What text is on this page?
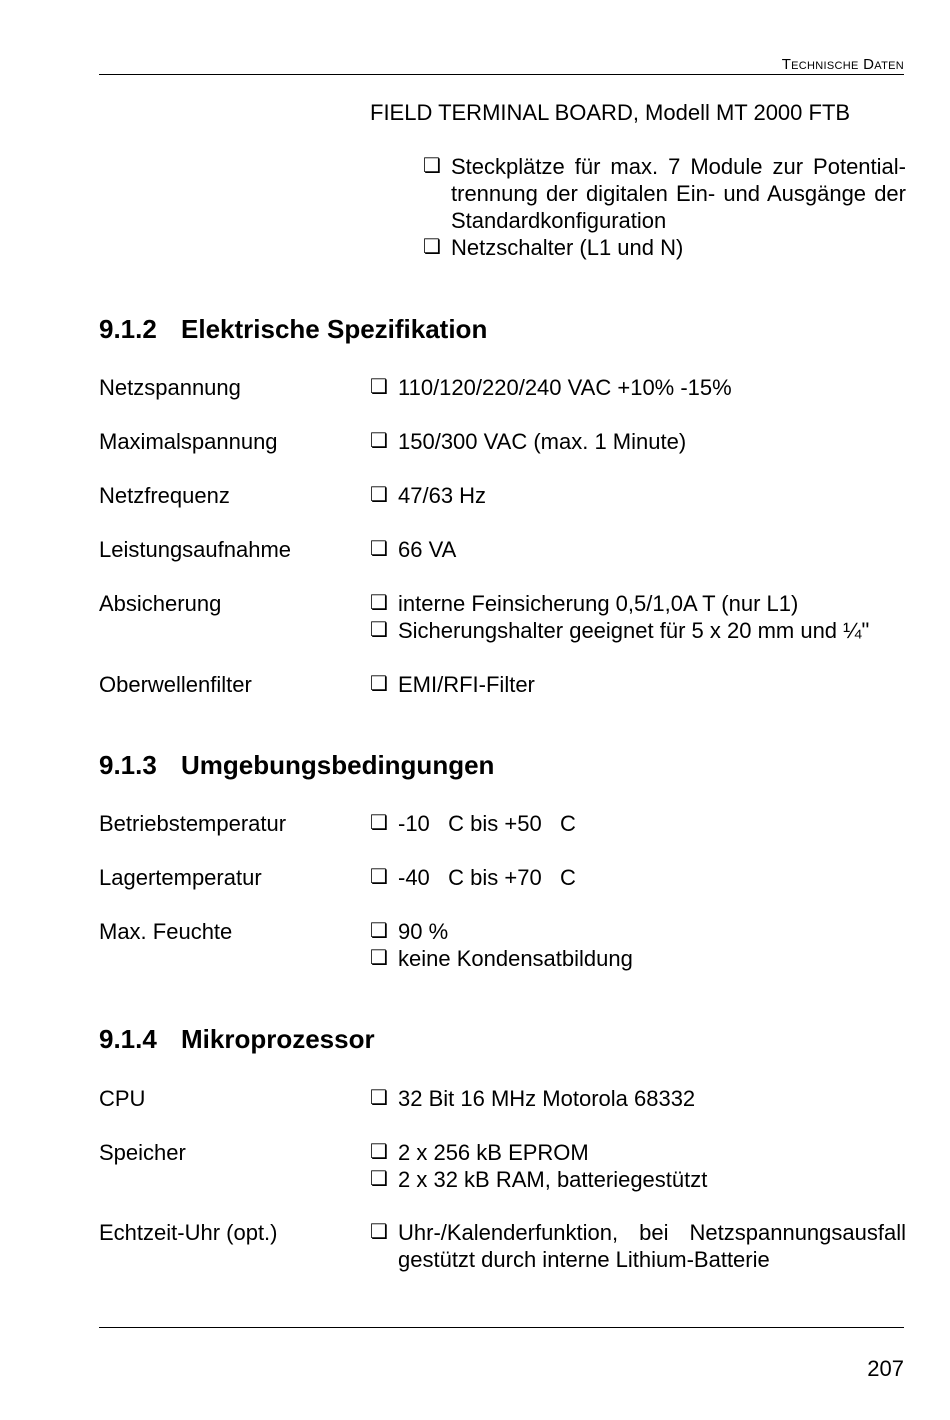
Technische Daten
FIELD TERMINAL BOARD, Modell MT 2000 FTB
❏ Steckplätze für max. 7 Module zur Potential- trennung der digitalen Ein- und Ausgänge der Standardkonfiguration
❏ Netzschalter (L1 und N)
9.1.2 Elektrische Spezifikation
Netzspannung	❏ 110/120/220/240 VAC +10% ‑15%
Maximalspannung	❏ 150/300 VAC (max. 1 Minute)
Netzfrequenz	❏ 47/63 Hz
Leistungsaufnahme	❏ 66 VA
Absicherung	❏ interne Feinsicherung 0,5/1,0A T (nur L1)
❏ Sicherungshalter geeignet für 5 x 20 mm und ¼"
Oberwellenfilter	❏ EMI/RFI-Filter
9.1.3 Umgebungsbedingungen
Betriebstemperatur	❏ ‑10   C bis +50   C
Lagertemperatur	❏ ‑40   C bis +70   C
Max. Feuchte	❏ 90 %
❏ keine Kondensatbildung
9.1.4 Mikroprozessor
CPU	❏ 32 Bit 16 MHz Motorola 68332
Speicher	❏ 2 x 256 kB EPROM
❏ 2 x 32 kB RAM, batteriegestützt
Echtzeit-Uhr (opt.)	❏ Uhr-/Kalenderfunktion, bei Netzspannungsausfall gestützt durch interne Lithium-Batterie
207
